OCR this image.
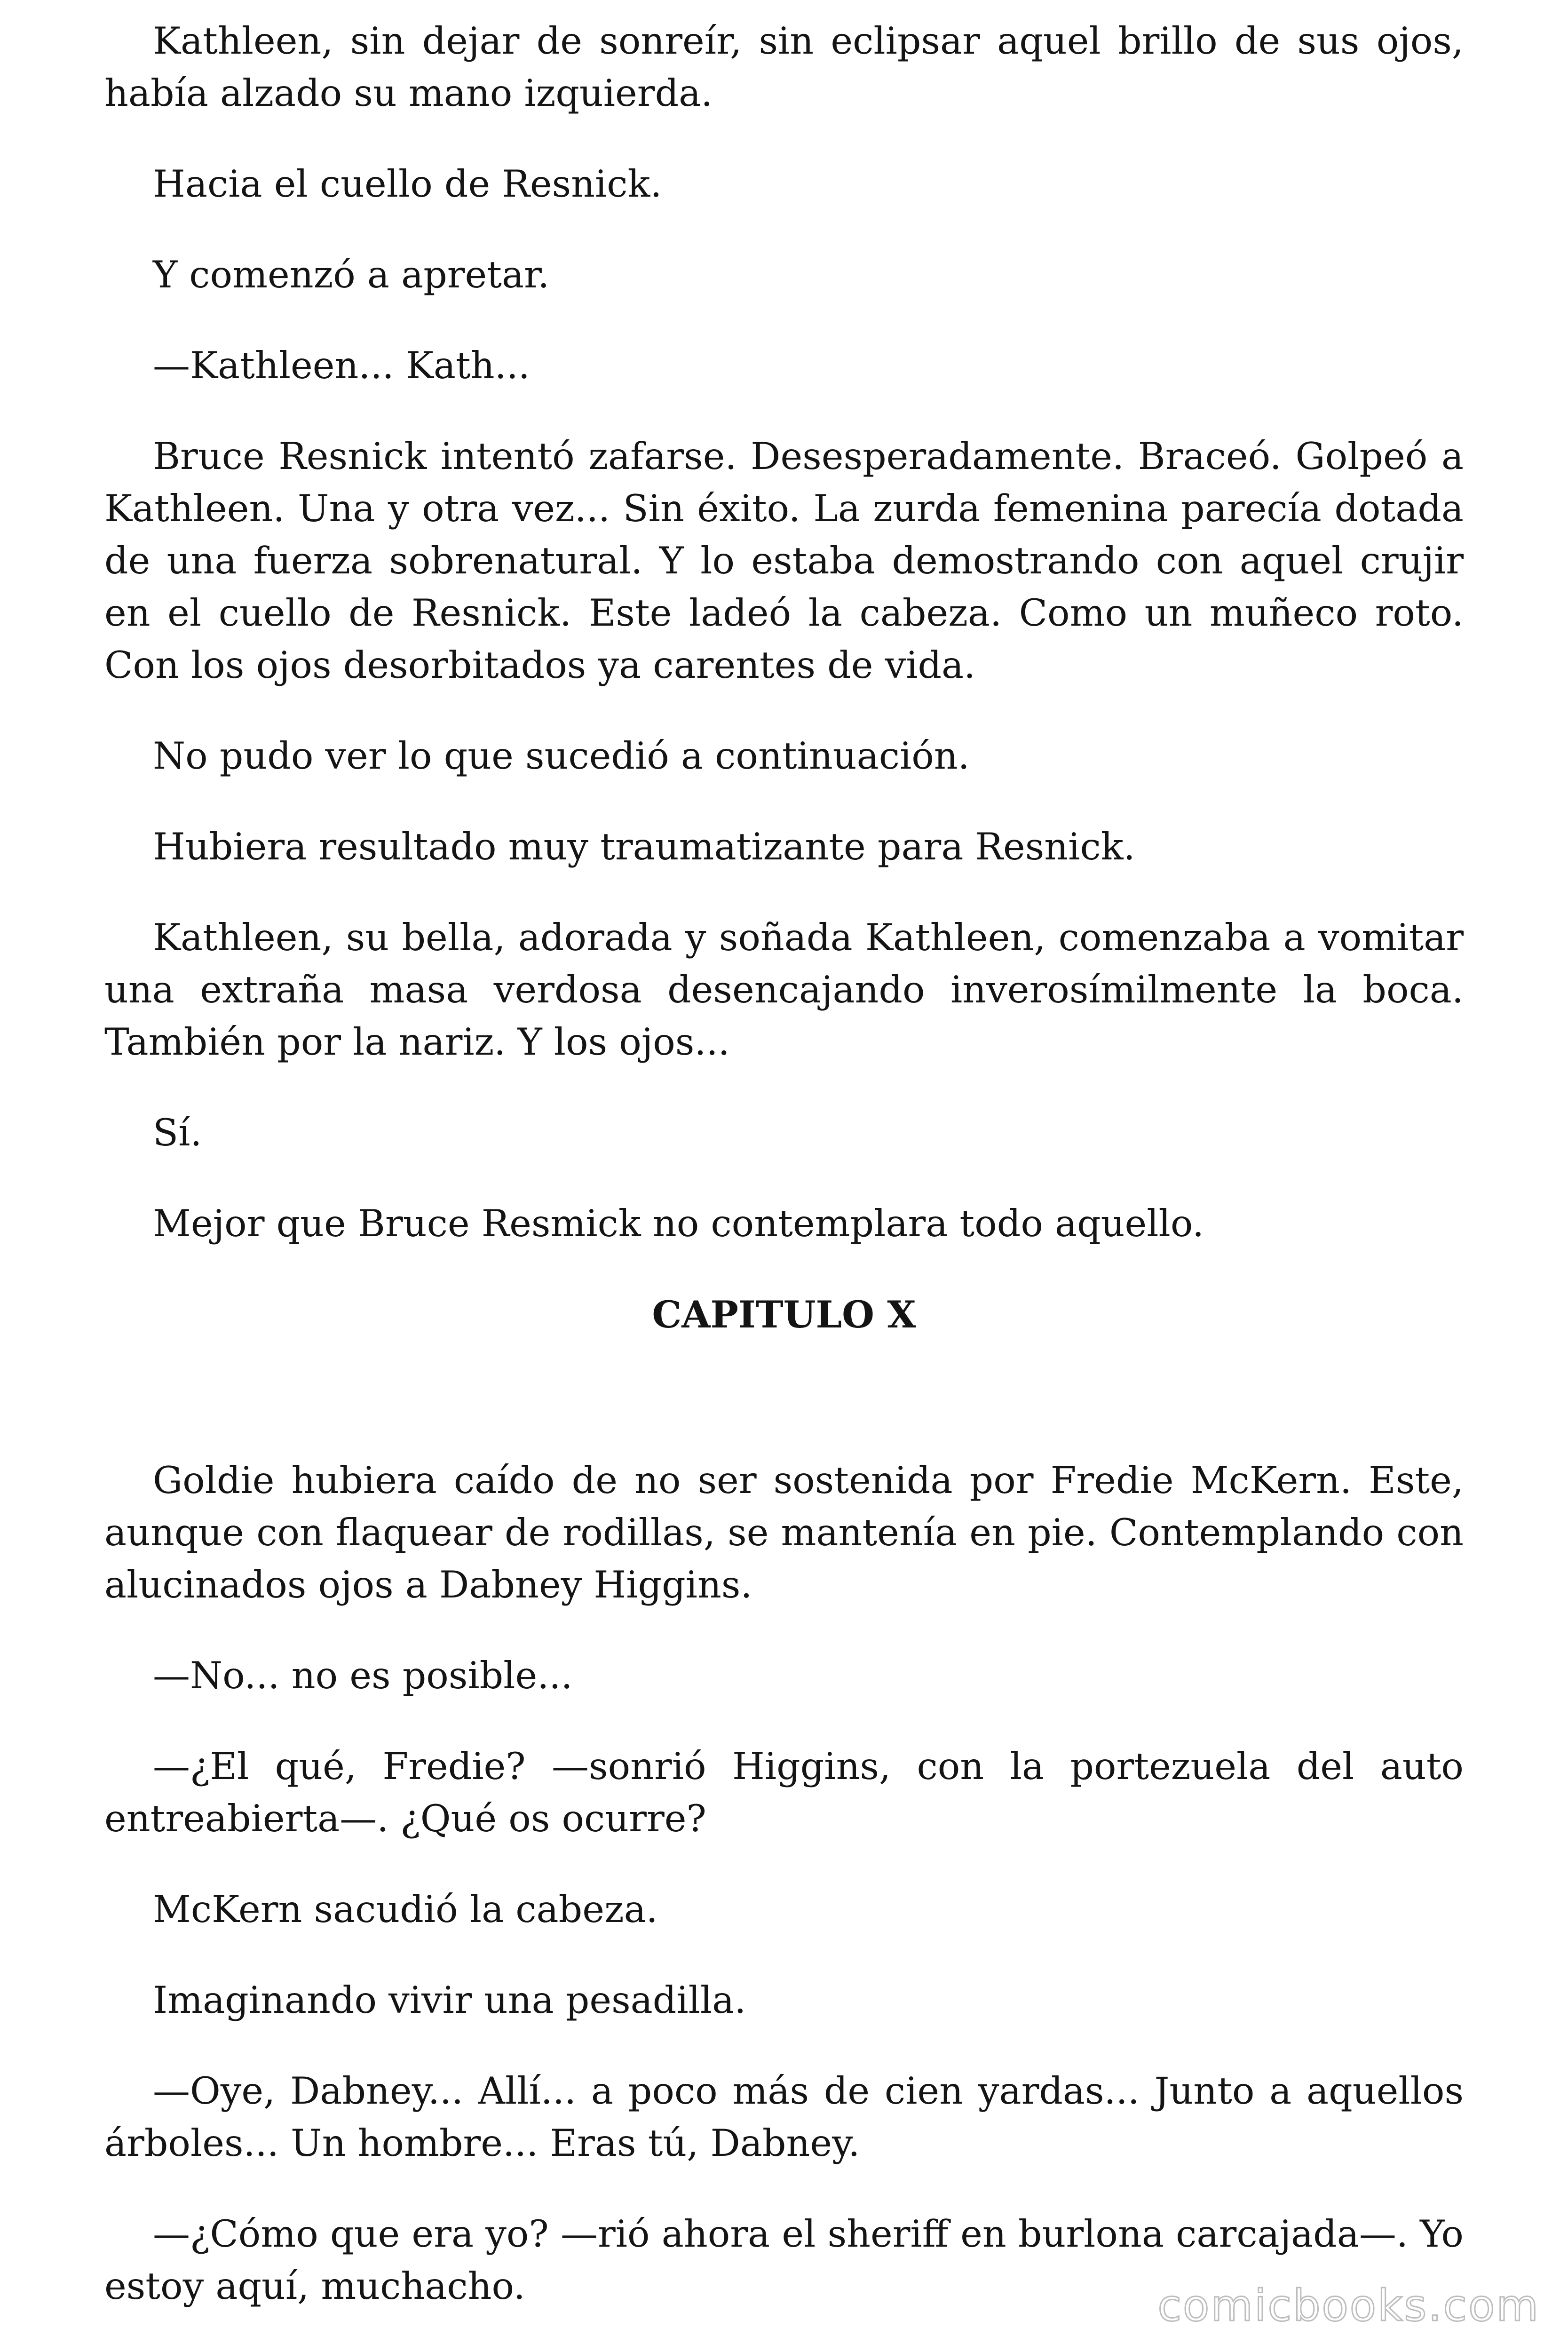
Kathleen, sin dejar de sonreír, sin eclipsar aquel brillo de sus ojos, había alzado su mano izquierda.

Hacia el cuello de Resnick.

Y comenzó a apretar.

—Kathleen... Kath...

Bruce Resnick intentó zafarse. Desesperadamente. Braceó. Golpeó a Kathleen. Una y otra vez... Sin éxito. La zurda femenina parecía dotada de una fuerza sobrenatural. Y lo estaba demostrando con aquel crujir en el cuello de Resnick. Este ladeó la cabeza. Como un muñeco roto. Con los ojos desorbitados ya carentes de vida.

No pudo ver lo que sucedió a continuación.

Hubiera resultado muy traumatizante para Resnick.

Kathleen, su bella, adorada y soñada Kathleen, comenzaba a vomitar una extraña masa verdosa desencajando inverosímilmente la boca. También por la nariz. Y los ojos...

Sí.

Mejor que Bruce Resmick no contemplara todo aquello.

CAPITULO X

Goldie hubiera caído de no ser sostenida por Fredie McKern. Este, aunque con flaquear de rodillas, se mantenía en pie. Contemplando con alucinados ojos a Dabney Higgins.

—No... no es posible...

—¿El qué, Fredie? —sonrió Higgins, con la portezuela del auto entreabierta—. ¿Qué os ocurre?

McKern sacudió la cabeza.

Imaginando vivir una pesadilla.

—Oye, Dabney... Allí... a poco más de cien yardas... Junto a aquellos árboles... Un hombre... Eras tú, Dabney.

—¿Cómo que era yo? —rió ahora el sheriff en burlona carcajada—. Yo estoy aquí, muchacho.	comicbooks.com
